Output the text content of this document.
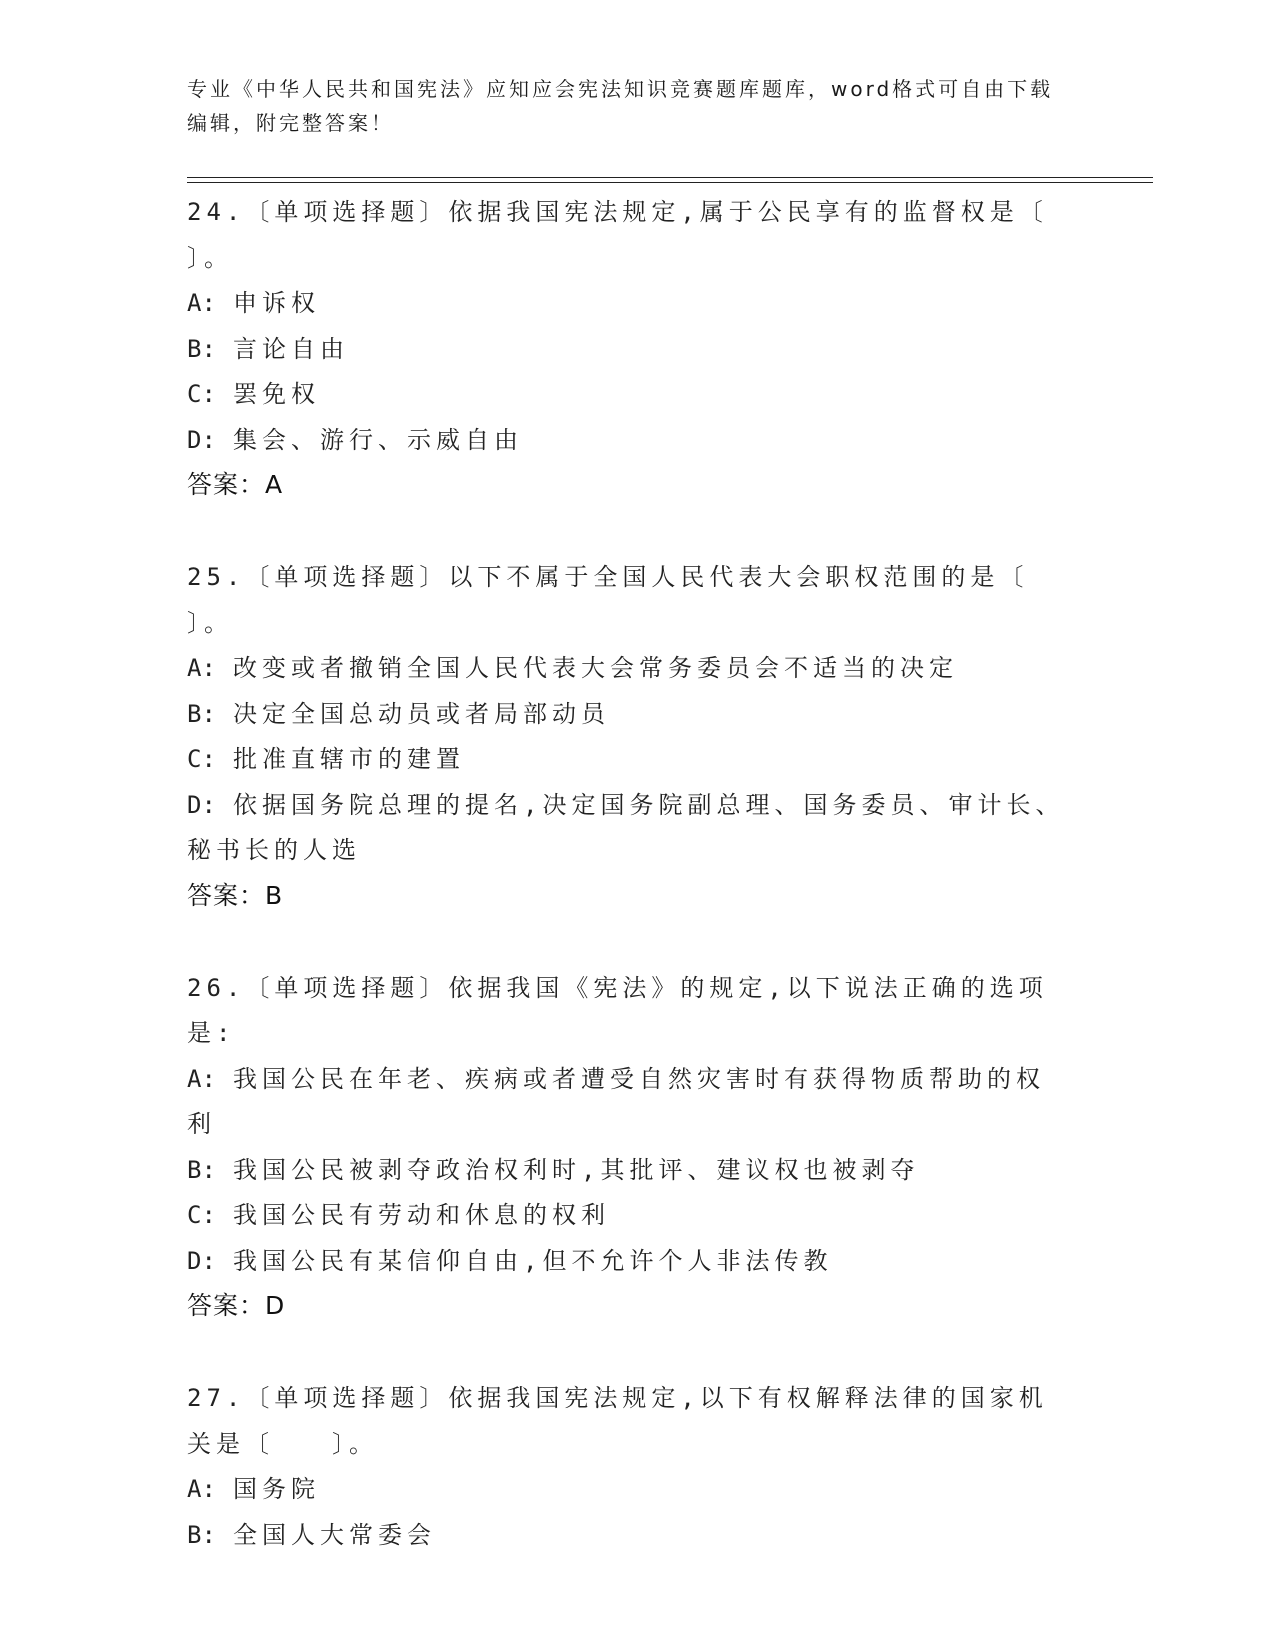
专业《中华人民共和国宪法》应知应会宪法知识竞赛题库题库，word格式可自由下载编辑，附完整答案！
24.〔单项选择题〕依据我国宪法规定,属于公民享有的监督权是〔　　〕。
A: 申诉权
B: 言论自由
C: 罢免权
D: 集会、游行、示威自由
答案：A
25.〔单项选择题〕以下不属于全国人民代表大会职权范围的是〔　　〕。
A: 改变或者撤销全国人民代表大会常务委员会不适当的决定
B: 决定全国总动员或者局部动员
C: 批准直辖市的建置
D: 依据国务院总理的提名,决定国务院副总理、国务委员、审计长、秘书长的人选
答案：B
26.〔单项选择题〕依据我国《宪法》的规定,以下说法正确的选项是:
A: 我国公民在年老、疾病或者遭受自然灾害时有获得物质帮助的权利
B: 我国公民被剥夺政治权利时,其批评、建议权也被剥夺
C: 我国公民有劳动和休息的权利
D: 我国公民有某信仰自由,但不允许个人非法传教
答案：D
27.〔单项选择题〕依据我国宪法规定,以下有权解释法律的国家机关是〔　　〕。
A: 国务院
B: 全国人大常委会
